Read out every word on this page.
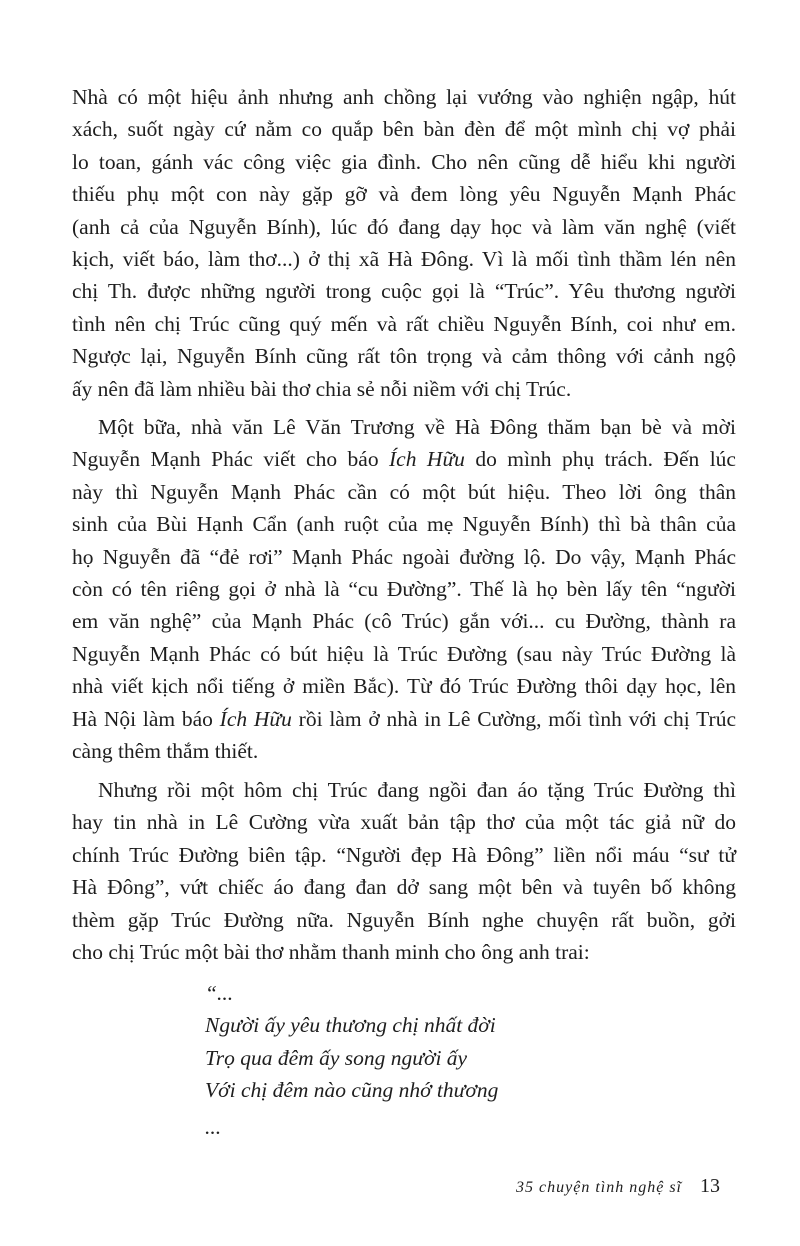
Nhà có một hiệu ảnh nhưng anh chồng lại vướng vào nghiện ngập, hút
xách, suốt ngày cứ nằm co quắp bên bàn đèn để một mình chị vợ phải
lo toan, gánh vác công việc gia đình. Cho nên cũng dễ hiểu khi người
thiếu phụ một con này gặp gỡ và đem lòng yêu Nguyễn Mạnh Phác
(anh cả của Nguyễn Bính), lúc đó đang dạy học và làm văn nghệ (viết
kịch, viết báo, làm thơ...) ở thị xã Hà Đông. Vì là mối tình thầm lén nên
chị Th. được những người trong cuộc gọi là “Trúc”. Yêu thương người
tình nên chị Trúc cũng quý mến và rất chiều Nguyễn Bính, coi như em.
Ngược lại, Nguyễn Bính cũng rất tôn trọng và cảm thông với cảnh ngộ
ấy nên đã làm nhiều bài thơ chia sẻ nỗi niềm với chị Trúc.
Một bữa, nhà văn Lê Văn Trương về Hà Đông thăm bạn bè và mời
Nguyễn Mạnh Phác viết cho báo Ích Hữu do mình phụ trách. Đến lúc
này thì Nguyễn Mạnh Phác cần có một bút hiệu. Theo lời ông thân
sinh của Bùi Hạnh Cẩn (anh ruột của mẹ Nguyễn Bính) thì bà thân của
họ Nguyễn đã “đẻ rơi” Mạnh Phác ngoài đường lộ. Do vậy, Mạnh Phác
còn có tên riêng gọi ở nhà là “cu Đường”. Thế là họ bèn lấy tên “người
em văn nghệ” của Mạnh Phác (cô Trúc) gắn với... cu Đường, thành ra
Nguyễn Mạnh Phác có bút hiệu là Trúc Đường (sau này Trúc Đường là
nhà viết kịch nổi tiếng ở miền Bắc). Từ đó Trúc Đường thôi dạy học, lên
Hà Nội làm báo Ích Hữu rồi làm ở nhà in Lê Cường, mối tình với chị Trúc
càng thêm thắm thiết.
Nhưng rồi một hôm chị Trúc đang ngồi đan áo tặng Trúc Đường thì
hay tin nhà in Lê Cường vừa xuất bản tập thơ của một tác giả nữ do
chính Trúc Đường biên tập. “Người đẹp Hà Đông” liền nổi máu “sư tử
Hà Đông”, vứt chiếc áo đang đan dở sang một bên và tuyên bố không
thèm gặp Trúc Đường nữa. Nguyễn Bính nghe chuyện rất buồn, gởi
cho chị Trúc một bài thơ nhằm thanh minh cho ông anh trai:
“...
Người ấy yêu thương chị nhất đời
Trọ qua đêm ấy song người ấy
Với chị đêm nào cũng nhớ thương
...
35 chuyện tình nghệ sĩ 13
